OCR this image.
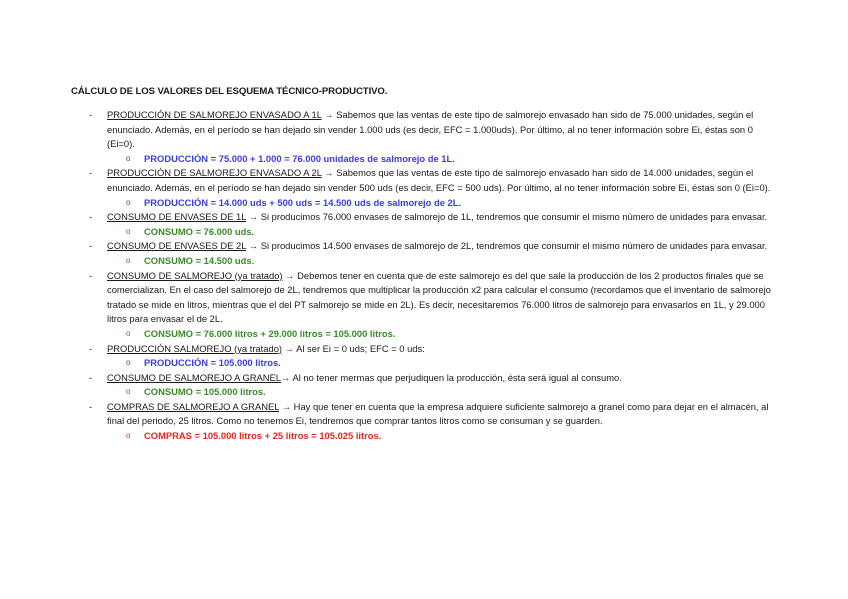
CÁLCULO DE LOS VALORES DEL ESQUEMA TÉCNICO-PRODUCTIVO.
- PRODUCCIÓN DE SALMOREJO ENVASADO A 1L → Sabemos que las ventas de este tipo de salmorejo envasado han sido de 75.000 unidades, según el enunciado. Además, en el período se han dejado sin vender 1.000 uds (es decir, EFC = 1.000uds). Por último, al no tener información sobre Ei, éstas son 0 (Ei=0).
o PRODUCCIÓN = 75.000 + 1.000 = 76.000 unidades de salmorejo de 1L.
- PRODUCCIÓN DE SALMOREJO ENVASADO A 2L → Sabemos que las ventas de este tipo de salmorejo envasado han sido de 14.000 unidades, según el enunciado. Además, en el período se han dejado sin vender 500 uds (es decir, EFC = 500 uds). Por último, al no tener información sobre Ei, éstas son 0 (Ei=0).
o PRODUCCIÓN = 14.000 uds + 500 uds = 14.500 uds de salmorejo de 2L.
- CONSUMO DE ENVASES DE 1L → Si producimos 76.000 envases de salmorejo de 1L, tendremos que consumir el mismo número de unidades para envasar.
o CONSUMO = 76.000 uds.
- CONSUMO DE ENVASES DE 2L → Si producimos 14.500 envases de salmorejo de 2L, tendremos que consumir el mismo número de unidades para envasar.
o CONSUMO = 14.500 uds.
- CONSUMO DE SALMOREJO (ya tratado) → Debemos tener en cuenta que de este salmorejo es del que sale la producción de los 2 productos finales que se comercializan. En el caso del salmorejo de 2L, tendremos que multiplicar la producción x2 para calcular el consumo (recordamos que el inventario de salmorejo tratado se mide en litros, mientras que el del PT salmorejo se mide en 2L). Es decir, necesitaremos 76.000 litros de salmorejo para envasarlos en 1L, y 29.000 litros para envasar el de 2L.
o CONSUMO = 76.000 litros + 29.000 litros = 105.000 litros.
- PRODUCCIÓN SALMOREJO (ya tratado) → Al ser Ei = 0 uds; EFC = 0 uds:
o PRODUCCIÓN = 105.000 litros.
- CONSUMO DE SALMOREJO A GRANEL→ Al no tener mermas que perjudiquen la producción, ésta será igual al consumo.
o CONSUMO = 105.000 litros.
- COMPRAS DE SALMOREJO A GRANEL → Hay que tener en cuenta que la empresa adquiere suficiente salmorejo a granel como para dejar en el almacén, al final del periodo, 25 litros. Como no tenemos Ei, tendremos que comprar tantos litros como se consuman y se guarden.
o COMPRAS = 105.000 litros + 25 litros = 105.025 litros.
